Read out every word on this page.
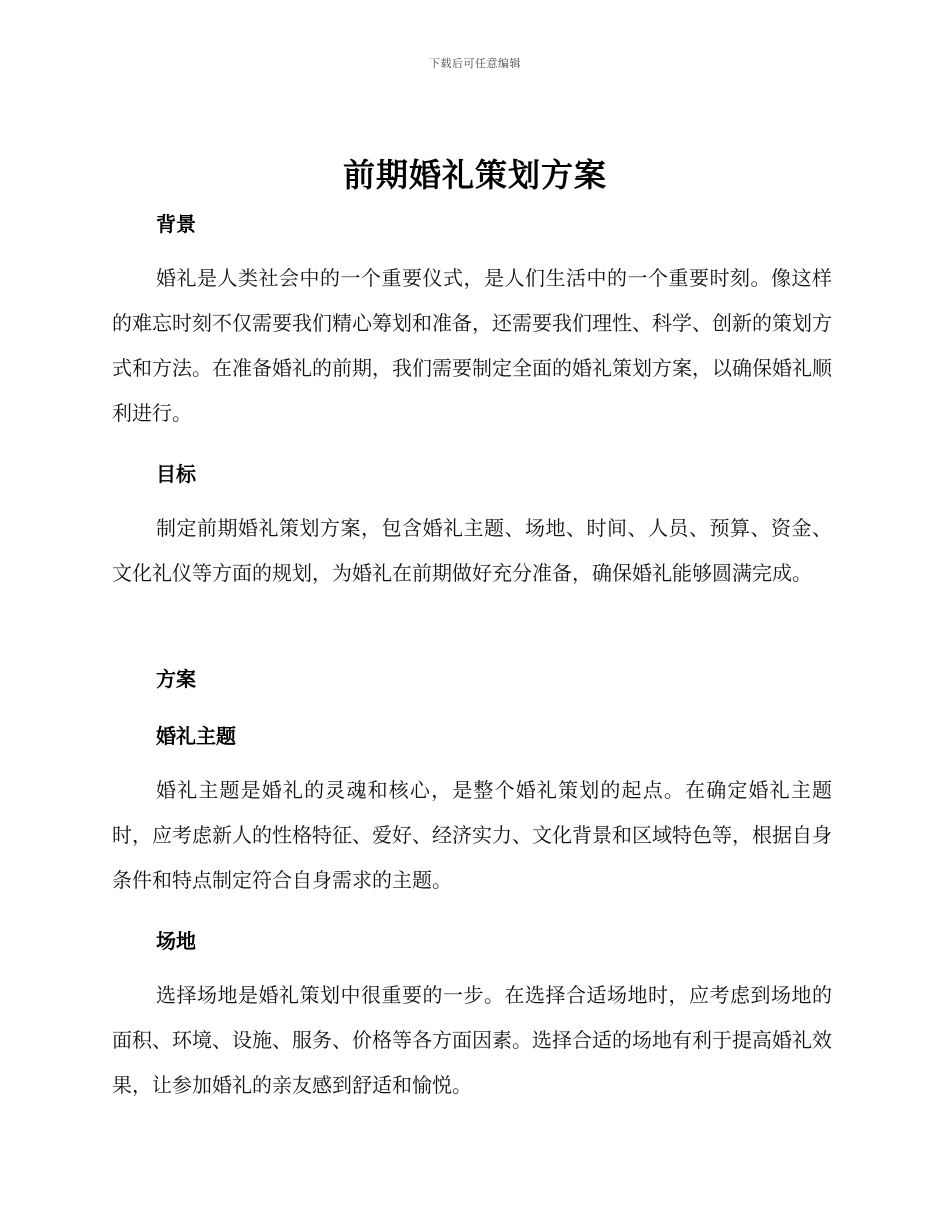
下载后可任意编辑
前期婚礼策划方案
背景

婚礼是人类社会中的一个重要仪式，是人们生活中的一个重要时刻。像这样的难忘时刻不仅需要我们精心筹划和准备，还需要我们理性、科学、创新的策划方式和方法。在准备婚礼的前期，我们需要制定全面的婚礼策划方案，以确保婚礼顺利进行。

目标

制定前期婚礼策划方案，包含婚礼主题、场地、时间、人员、预算、资金、文化礼仪等方面的规划，为婚礼在前期做好充分准备，确保婚礼能够圆满完成。

方案
婚礼主题

婚礼主题是婚礼的灵魂和核心，是整个婚礼策划的起点。在确定婚礼主题时，应考虑新人的性格特征、爱好、经济实力、文化背景和区域特色等，根据自身条件和特点制定符合自身需求的主题。

场地

选择场地是婚礼策划中很重要的一步。在选择合适场地时，应考虑到场地的面积、环境、设施、服务、价格等各方面因素。选择合适的场地有利于提高婚礼效果，让参加婚礼的亲友感到舒适和愉悦。
